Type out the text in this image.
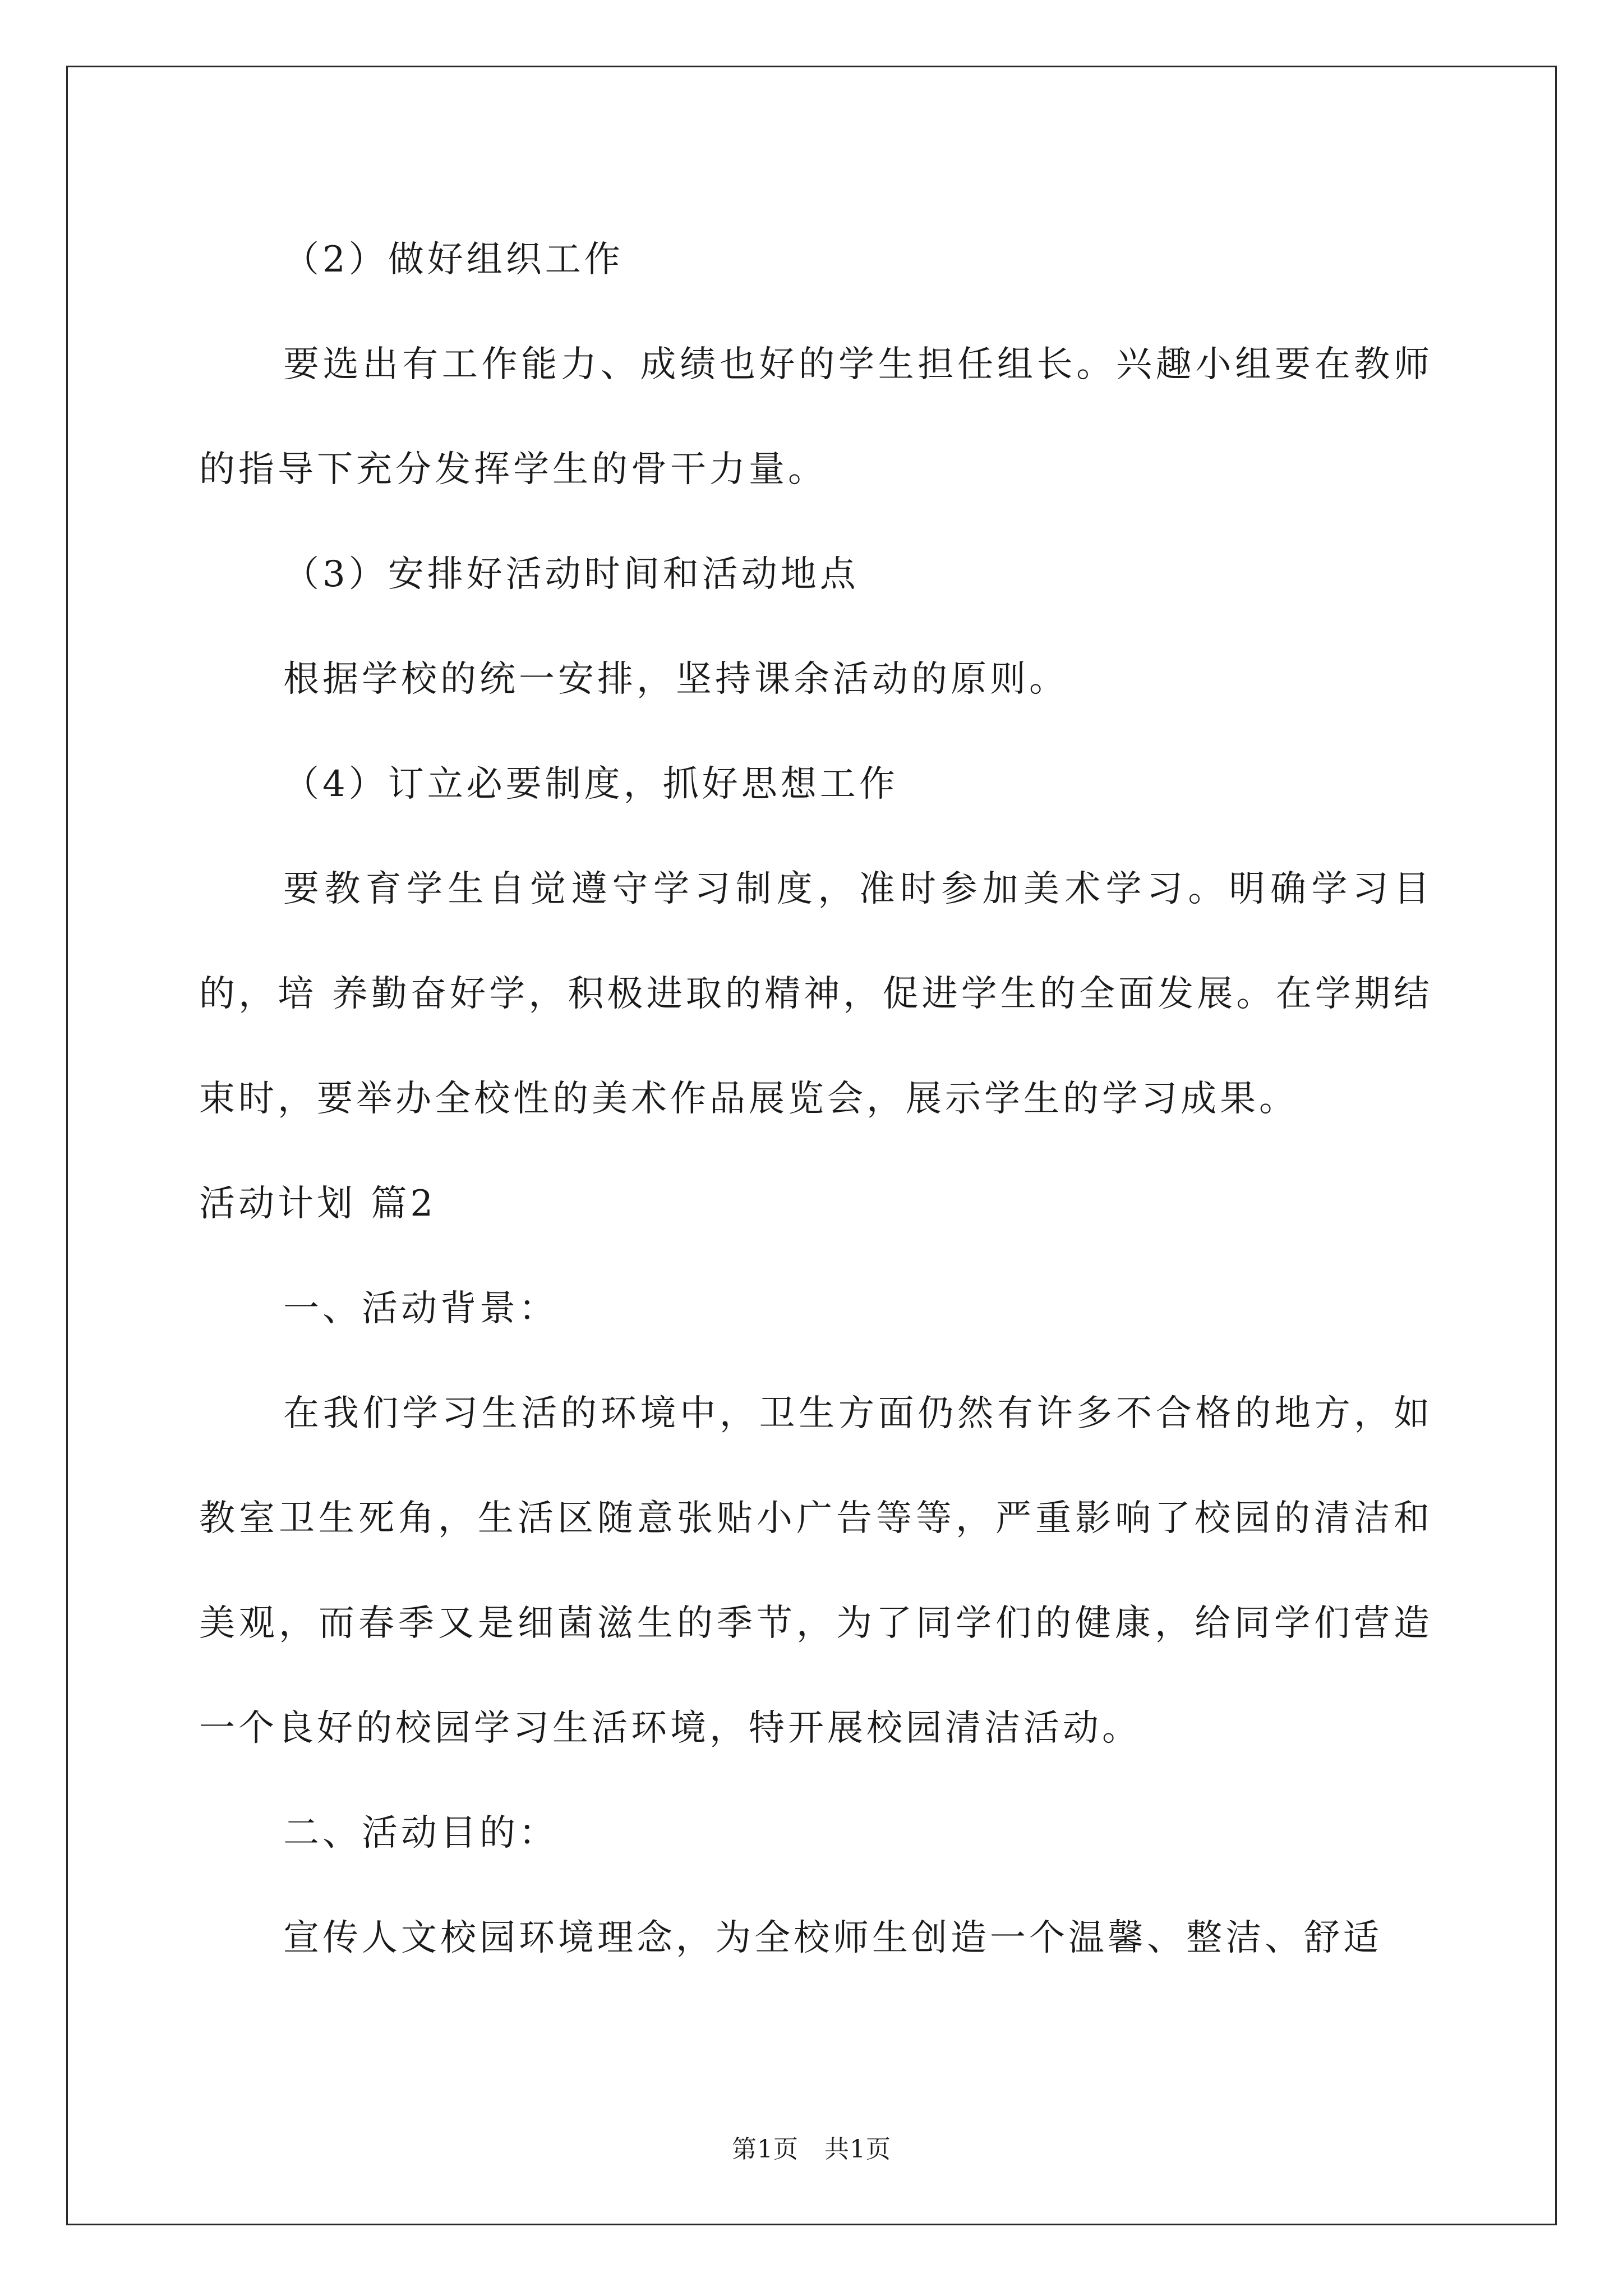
（2）做好组织工作

要选出有工作能力、成绩也好的学生担任组长。兴趣小组要在教师的指导下充分发挥学生的骨干力量。

（3）安排好活动时间和活动地点

根据学校的统一安排，坚持课余活动的原则。

（4）订立必要制度，抓好思想工作

要教育学生自觉遵守学习制度，准时参加美术学习。明确学习目的，培 养勤奋好学，积极进取的精神，促进学生的全面发展。在学期结束时，要举办全校性的美术作品展览会，展示学生的学习成果。

活动计划 篇2

一、活动背景：

在我们学习生活的环境中，卫生方面仍然有许多不合格的地方，如教室卫生死角，生活区随意张贴小广告等等，严重影响了校园的清洁和美观，而春季又是细菌滋生的季节，为了同学们的健康，给同学们营造一个良好的校园学习生活环境，特开展校园清洁活动。

二、活动目的：

宣传人文校园环境理念，为全校师生创造一个温馨、整洁、舒适

第1页 共1页
